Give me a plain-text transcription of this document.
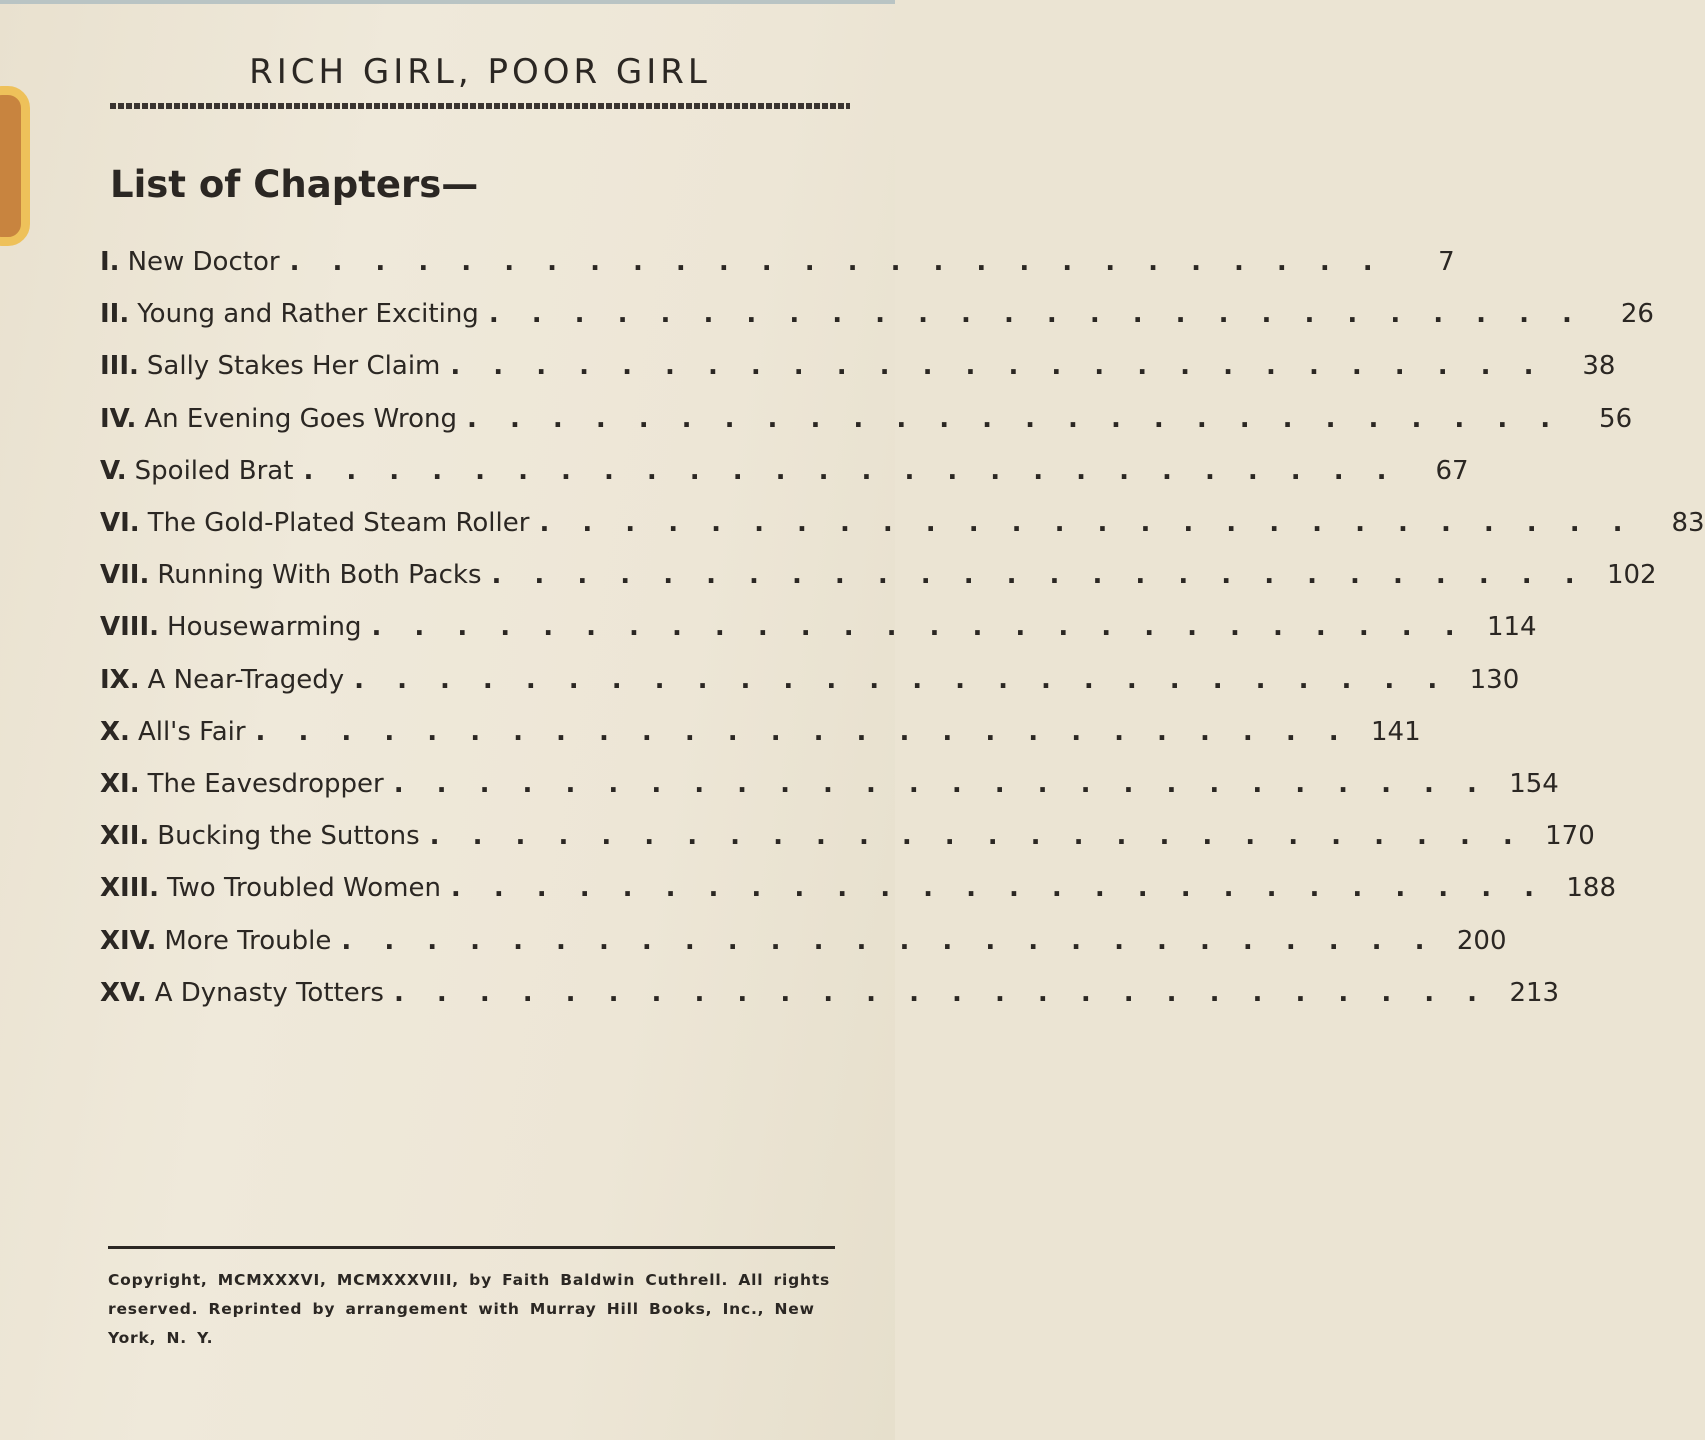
RICH GIRL, POOR GIRL
List of Chapters—
I. New Doctor . . . . . . . . . . . . . . . . . . . . . . . . . .	7
II. Young and Rather Exciting . . . . . . . . . . . . . . . . . . . . . . . . . .	26
III. Sally Stakes Her Claim . . . . . . . . . . . . . . . . . . . . . . . . . .	38
IV. An Evening Goes Wrong . . . . . . . . . . . . . . . . . . . . . . . . . .	56
V. Spoiled Brat . . . . . . . . . . . . . . . . . . . . . . . . . .	67
VI. The Gold-Plated Steam Roller . . . . . . . . . . . . . . . . . . . . . . . . . .	83
VII. Running With Both Packs . . . . . . . . . . . . . . . . . . . . . . . . . . 102
VIII. Housewarming . . . . . . . . . . . . . . . . . . . . . . . . . . 114
IX. A Near-Tragedy . . . . . . . . . . . . . . . . . . . . . . . . . . 130
X. All's Fair . . . . . . . . . . . . . . . . . . . . . . . . . . 141
XI. The Eavesdropper . . . . . . . . . . . . . . . . . . . . . . . . . . 154
XII. Bucking the Suttons . . . . . . . . . . . . . . . . . . . . . . . . . . 170
XIII. Two Troubled Women . . . . . . . . . . . . . . . . . . . . . . . . . . 188
XIV. More Trouble . . . . . . . . . . . . . . . . . . . . . . . . . . 200
XV. A Dynasty Totters . . . . . . . . . . . . . . . . . . . . . . . . . . 213

Copyright, MCMXXXVI, MCMXXXVIII, by Faith Baldwin Cuthrell. All rights reserved. Reprinted by arrangement with Murray Hill Books, Inc., New York, N. Y.
